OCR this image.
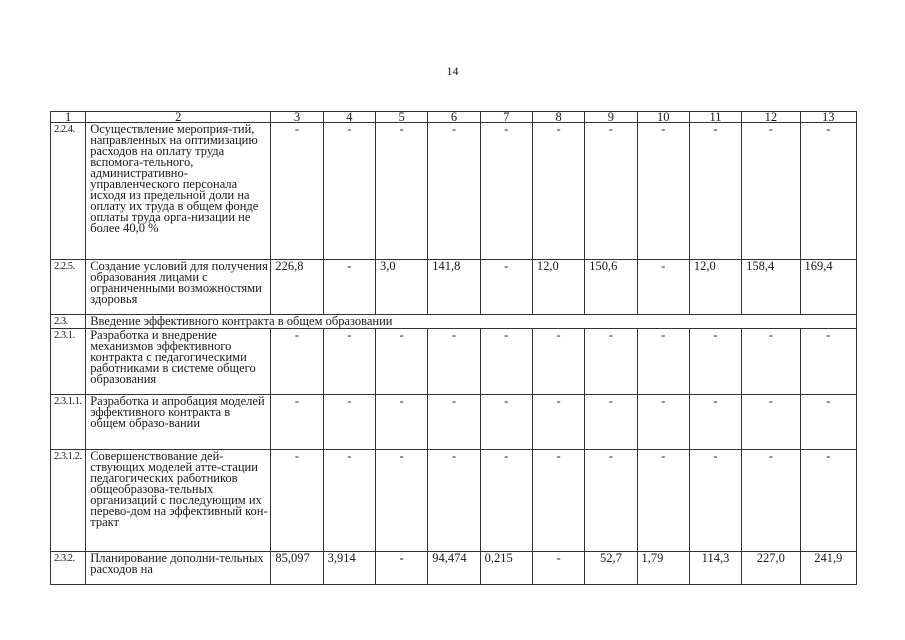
14
1	2	3	4	5	6	7	8	9	10	11	12	13
2.2.4.	Осуществление мероприя-тий, направленных на оптимизацию расходов на оплату труда вспомога-тельного, административно-управленческого персонала исходя из предельной доли на оплату их труда в общем фонде оплаты труда орга-низации не более 40,0 %	-	-	-	-	-	-	-	-	-	-	-
2.2.5.	Создание условий для получения образования лицами с ограниченными возможностями здоровья	226,8	-	3,0	141,8	-	12,0	150,6	-	12,0	158,4	169,4
2.3.	Введение эффективного контракта в общем образовании											
2.3.1.	Разработка и внедрение механизмов эффективного контракта с педагогическими работниками в системе общего образования	-	-	-	-	-	-	-	-	-	-	-
2.3.1.1.	Разработка и апробация моделей эффективного контракта в общем образо-вании	-	-	-	-	-	-	-	-	-	-	-
2.3.1.2.	Совершенствование дей-ствующих моделей атте-стации педагогических работников общеобразова-тельных организаций с последующим их перево-дом на эффективный кон-тракт	-	-	-	-	-	-	-	-	-	-	-
2.3.2.	Планирование дополни-тельных расходов на	85,097	3,914	-	94,474	0,215	-	52,7	1,79	114,3	227,0	241,9
